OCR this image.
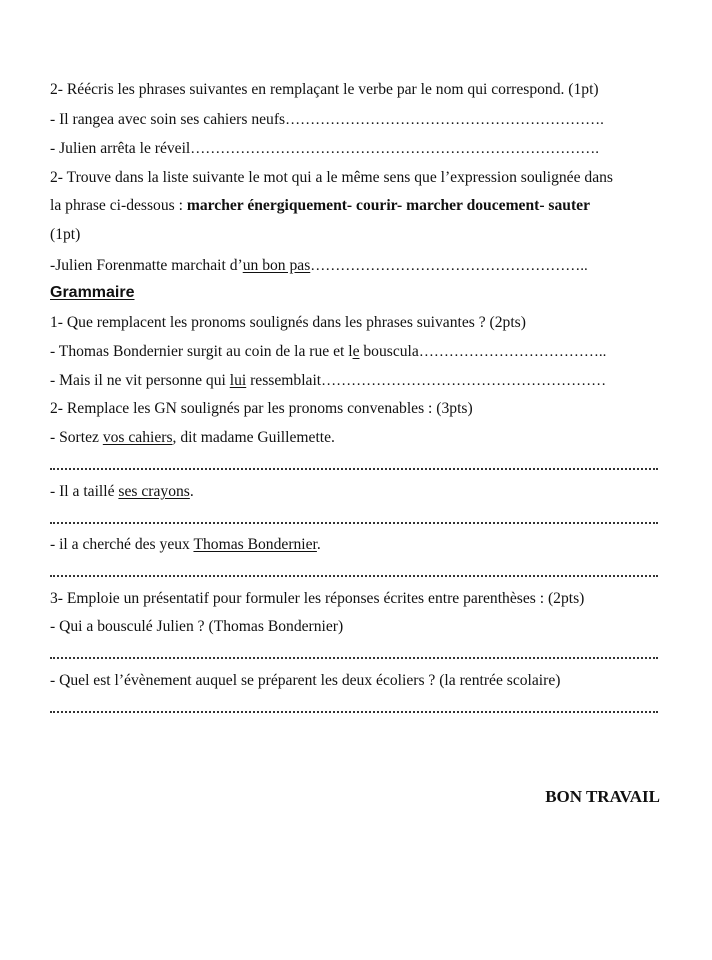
2- Réécris les phrases suivantes en remplaçant le verbe par le nom qui correspond. (1pt)
- Il rangea avec soin ses cahiers neufs……………………………………………………….
- Julien arrêta le réveil……………………………………………………………………….
2- Trouve dans la liste suivante le mot qui a le même sens que l’expression soulignée dans
la phrase ci-dessous : marcher énergiquement- courir- marcher doucement- sauter
(1pt)
-Julien Forenmatte marchait d’un bon pas………………………………………………..
Grammaire
1- Que remplacent les pronoms soulignés dans les phrases suivantes ? (2pts)
- Thomas Bondernier surgit au coin de la rue et le bouscula………………………………..
- Mais il ne vit personne qui lui ressemblait…………………………………………………
2- Remplace les GN soulignés par les pronoms convenables : (3pts)
- Sortez vos cahiers, dit madame Guillemette.
- Il a taillé ses crayons.
- il a cherché des yeux Thomas Bondernier.
3- Emploie un présentatif pour formuler les réponses écrites entre parenthèses : (2pts)
- Qui a bousculé Julien ? (Thomas Bondernier)
- Quel est l’évènement auquel se préparent les deux écoliers ? (la rentrée scolaire)
BON TRAVAIL
